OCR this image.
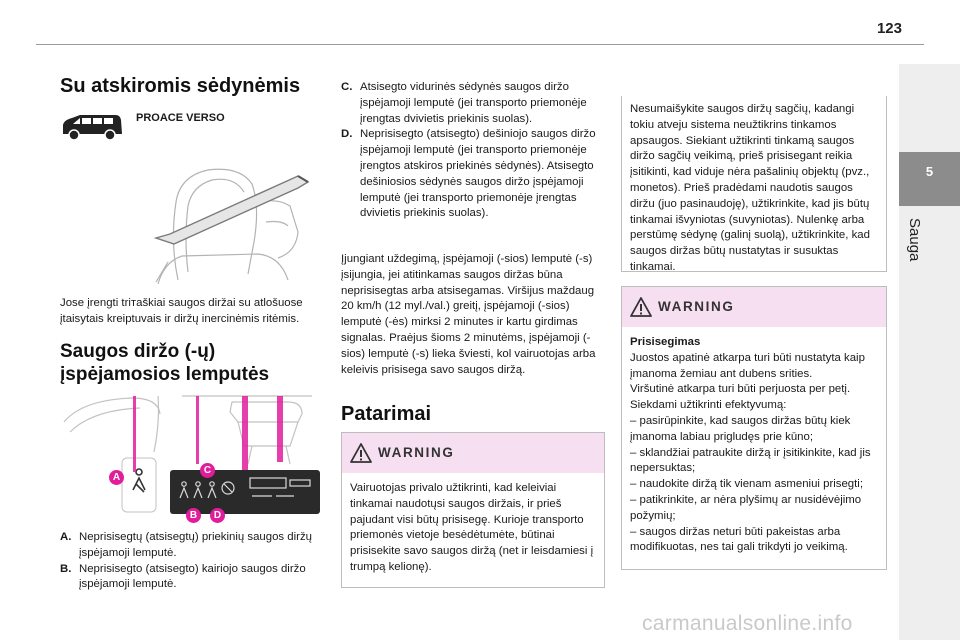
123
5
Sauga
Su atskiromis sėdynėmis
PROACE VERSO
Jose įrengti trітaškiai saugos diržai su atlošuose įtaisytais kreiptuvais ir diržų inercinėmis ritėmis.
Saugos diržo (-ų) įspėjamosios lemputės
A
B
C
D
A. Neprisisegtų (atsisegtų) priekinių saugos diržų įspėjamoji lemputė.
B. Neprisisegto (atsisegto) kairiojo saugos diržo įspėjamoji lemputė.
C. Atsisegto vidurinės sėdynės saugos diržo įspėjamoji lemputė (jei transporto priemonėje įrengtas dvivietis priekinis suolas).
D. Neprisisegto (atsisegto) dešiniojo saugos diržo įspėjamoji lemputė (jei transporto priemonėje įrengtos atskiros priekinės sėdynės). Atsisegto dešiniosios sėdynės saugos diržo įspėjamoji lemputė (jei transporto priemonėje įrengtas dvivietis priekinis suolas).
Įjungiant uždegimą, įspėjamoji (-sios) lemputė (-s) įsijungia, jei atitinkamas saugos diržas būna neprisisegtas arba atsisegamas. Viršijus maždaug 20 km/h (12 myl./val.) greitį, įspėjamoji (-sios) lemputė (-ės) mirksi 2 minutes ir kartu girdimas signalas. Praėjus šioms 2 minutėms, įspėjamoji (-sios) lemputė (-s) lieka šviesti, kol vairuotojas arba keleivis prisisega savo saugos diržą.
Patarimai
WARNING
Vairuotojas privalo užtikrinti, kad keleiviai tinkamai naudotųsi saugos diržais, ir prieš pajudant visi būtų prisisegę. Kuriojе transporto priemonės vietoje besėdėtumėte, būtinai prisisekite savo saugos diržą (net ir leisdamiesi į trumpą kelionę).
Nesumaišykite saugos diržų sagčių, kadangi tokiu atveju sistema neužtikrins tinkamos apsaugos. Siekiant užtikrinti tinkamą saugos diržo sagčių veikimą, prieš prisisegant reikia įsitikinti, kad viduje nėra pašalinių objektų (pvz., monetos). Prieš pradėdami naudotis saugos diržu (juo pasinaudoję), užtikrinkite, kad jis būtų tinkamai išvyniotas (suvyniotas). Nulenkę arba perstūmę sėdynę (galinį suolą), užtikrinkite, kad saugos diržas būtų nustatytas ir susuktas tinkamai.
WARNING
Prisisegimas
Juostos apatinė atkarpa turi būti nustatyta kaip įmanoma žemiau ant dubens srities.
Viršutinė atkarpa turi būti perjuosta per petį.
Siekdami užtikrinti efektyvumą:
– pasirūpinkite, kad saugos diržas būtų kiek įmanoma labiau prigludęs prie kūno;
– sklandžiai patraukite diržą ir įsitikinkite, kad jis nepersuktas;
– naudokite diržą tik vienam asmeniui prisegti;
– patikrinkite, ar nėra plyšimų ar nusidėvėjimo požymių;
– saugos diržas neturi būti pakeistas arba modifikuotas, nes tai gali trikdyti jo veikimą.
carmanualsonline.info
